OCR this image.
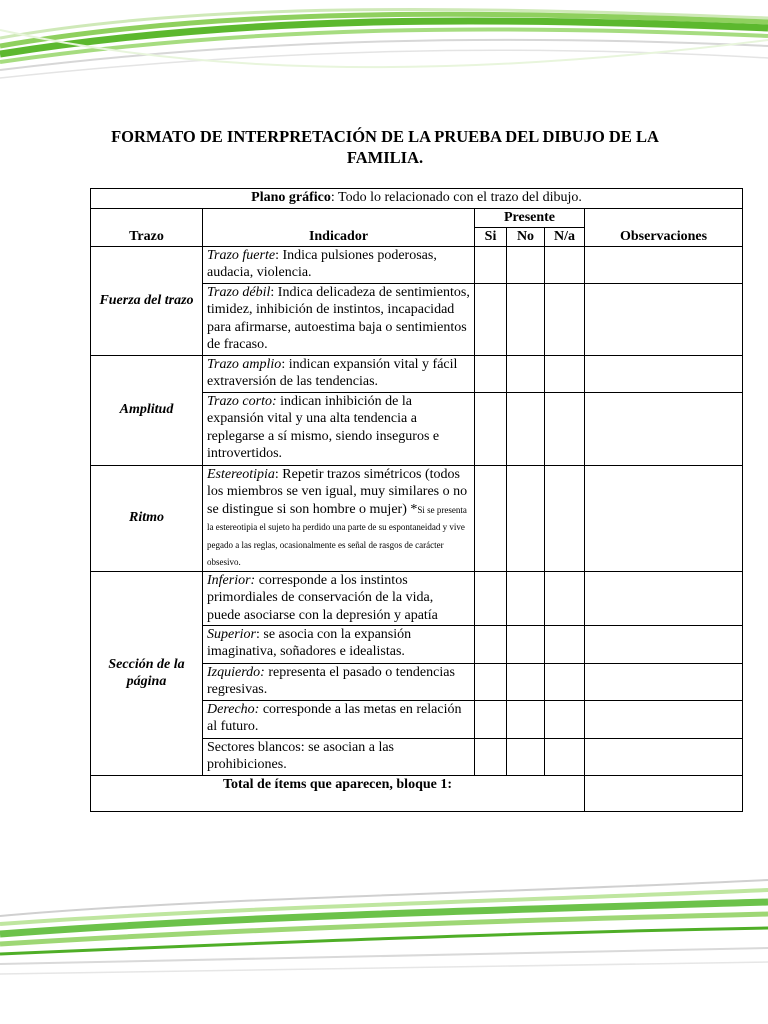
FORMATO DE INTERPRETACIÓN DE LA PRUEBA DEL DIBUJO DE LA FAMILIA.
Plano gráfico: Todo lo relacionado con el trazo del dibujo.					
Trazo	Indicador	Presente			Observaciones
		Si	No	N/a	
Fuerza del trazo	Trazo fuerte: Indica pulsiones poderosas, audacia, violencia.				
	Trazo débil: Indica delicadeza de sentimientos, timidez, inhibición de instintos, incapacidad para afirmarse, autoestima baja o sentimientos de fracaso.				
Amplitud	Trazo amplio: indican expansión vital y fácil extraversión de las tendencias.				
	Trazo corto: indican inhibición de la expansión vital y una alta tendencia a replegarse a sí mismo, siendo inseguros e introvertidos.				
Ritmo	Estereotipia: Repetir trazos simétricos (todos los miembros se ven igual, muy similares o no se distingue si son hombre o mujer) *Si se presenta la estereotipia el sujeto ha perdido una parte de su espontaneidad y vive pegado a las reglas, ocasionalmente es señal de rasgos de carácter obsesivo.				
Sección de la página	Inferior: corresponde a los instintos primordiales de conservación de la vida, puede asociarse con la depresión y apatía				
	Superior: se asocia con la expansión imaginativa, soñadores e idealistas.				
	Izquierdo: representa el pasado o tendencias regresivas.				
	Derecho: corresponde a las metas en relación al futuro.				
	Sectores blancos: se asocian a las prohibiciones.				
Total de ítems que aparecen, bloque 1:					
